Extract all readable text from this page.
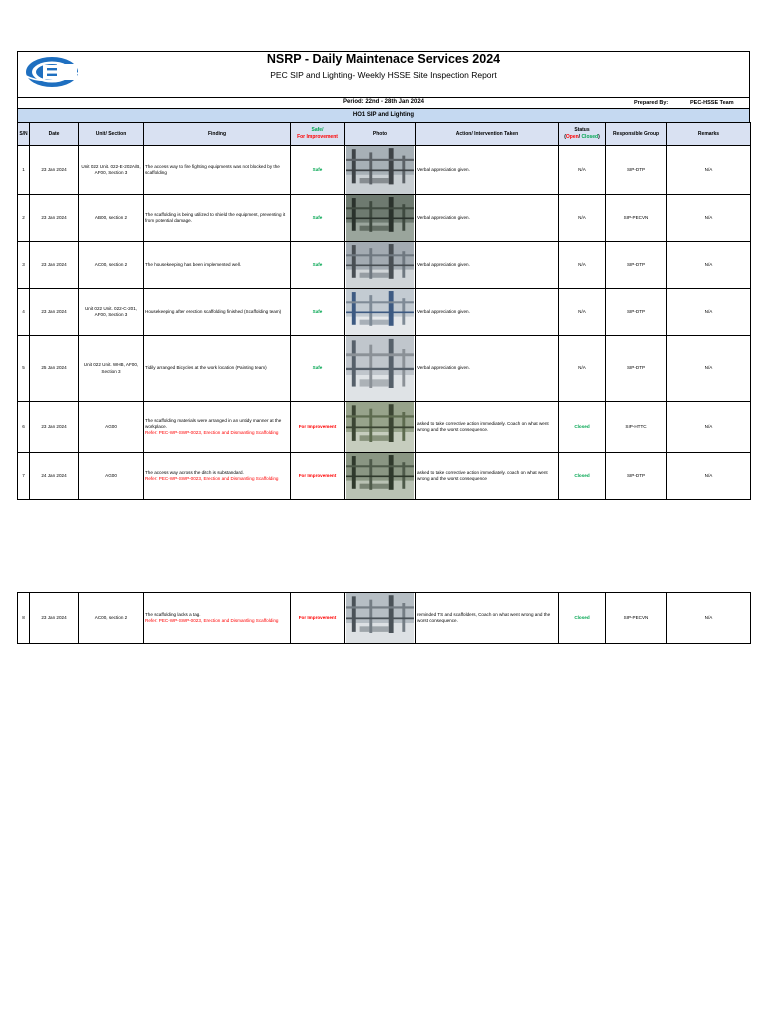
NSRP - Daily Maintenace Services 2024
PEC SIP and Lighting- Weekly HSSE Site Inspection Report
Period: 22nd - 28th Jan 2024	Prepared By:	PEC-HSSE Team
HO1 SIP and Lighting
S/N	Date	Unit/ Section	Finding	Safe/
For Improvement	Photo	Action/ Intervention Taken	Status
(Open/ Closed)	Responsible Group	Remarks
1	23 Jan 2024	Unit 022 Unit. 022-E-202A/B, AF00, Section 3	The access way to fire fighting equipments was not blocked by the scaffolding	Safe		Verbal appreciation given.	N/A	SIP-DTP	N/A
2	23 Jan 2024	AB00, section 2	The scaffolding is being utilized to shield the equipment, preventing it from potential damage.	Safe		Verbal appreciation given.	N/A	SIP-PECVN	N/A
3	23 Jan 2024	AC00, section 2	The housekeeping has been implemented well.	Safe		Verbal appreciation given.	N/A	SIP-DTP	N/A
4	23 Jan 2024	Unit 022 Unit. 022-C-201, AF00, Section 3	Housekeeping after erection scaffolding finished (Scaffolding team)	Safe		Verbal appreciation given.	N/A	SIP-DTP	N/A
5	25 Jan 2024	Unit 022 Unit. WHB, AF00, Section 3	Tidily arranged Bicycles at the work location (Painting team)	Safe		Verbal appreciation given.	N/A	SIP-DTP	N/A
6	23 Jan 2024	AG00	The scaffolding materials were arranged in an untidy manner at the workplace.
Refer: PEC-WP-SWP-0023, Erection and Dismantling Scaffolding	For Improvement		asked to take corrective action immediately. Coach on what went wrong and the worst consequence.	Closed	SIP-HTTC	N/A
7	24 Jan 2024	AG00	The access way across the ditch is substandard.
Refer: PEC-WP-SWP-0023, Erection and Dismantling Scaffolding	For Improvement		asked to take corrective action immediately. coach on what went wrong and the worst consequence	Closed	SIP-DTP	N/A
8	23 Jan 2024	AC00, section 2	The scaffolding lacks a tag.
Refer: PEC-WP-SWP-0023, Erection and Dismantling Scaffolding	For Improvement	
	reminded TS and scaffolders, Coach on what went wrong and the worst consequence.	Closed	SIP-PECVN	N/A
